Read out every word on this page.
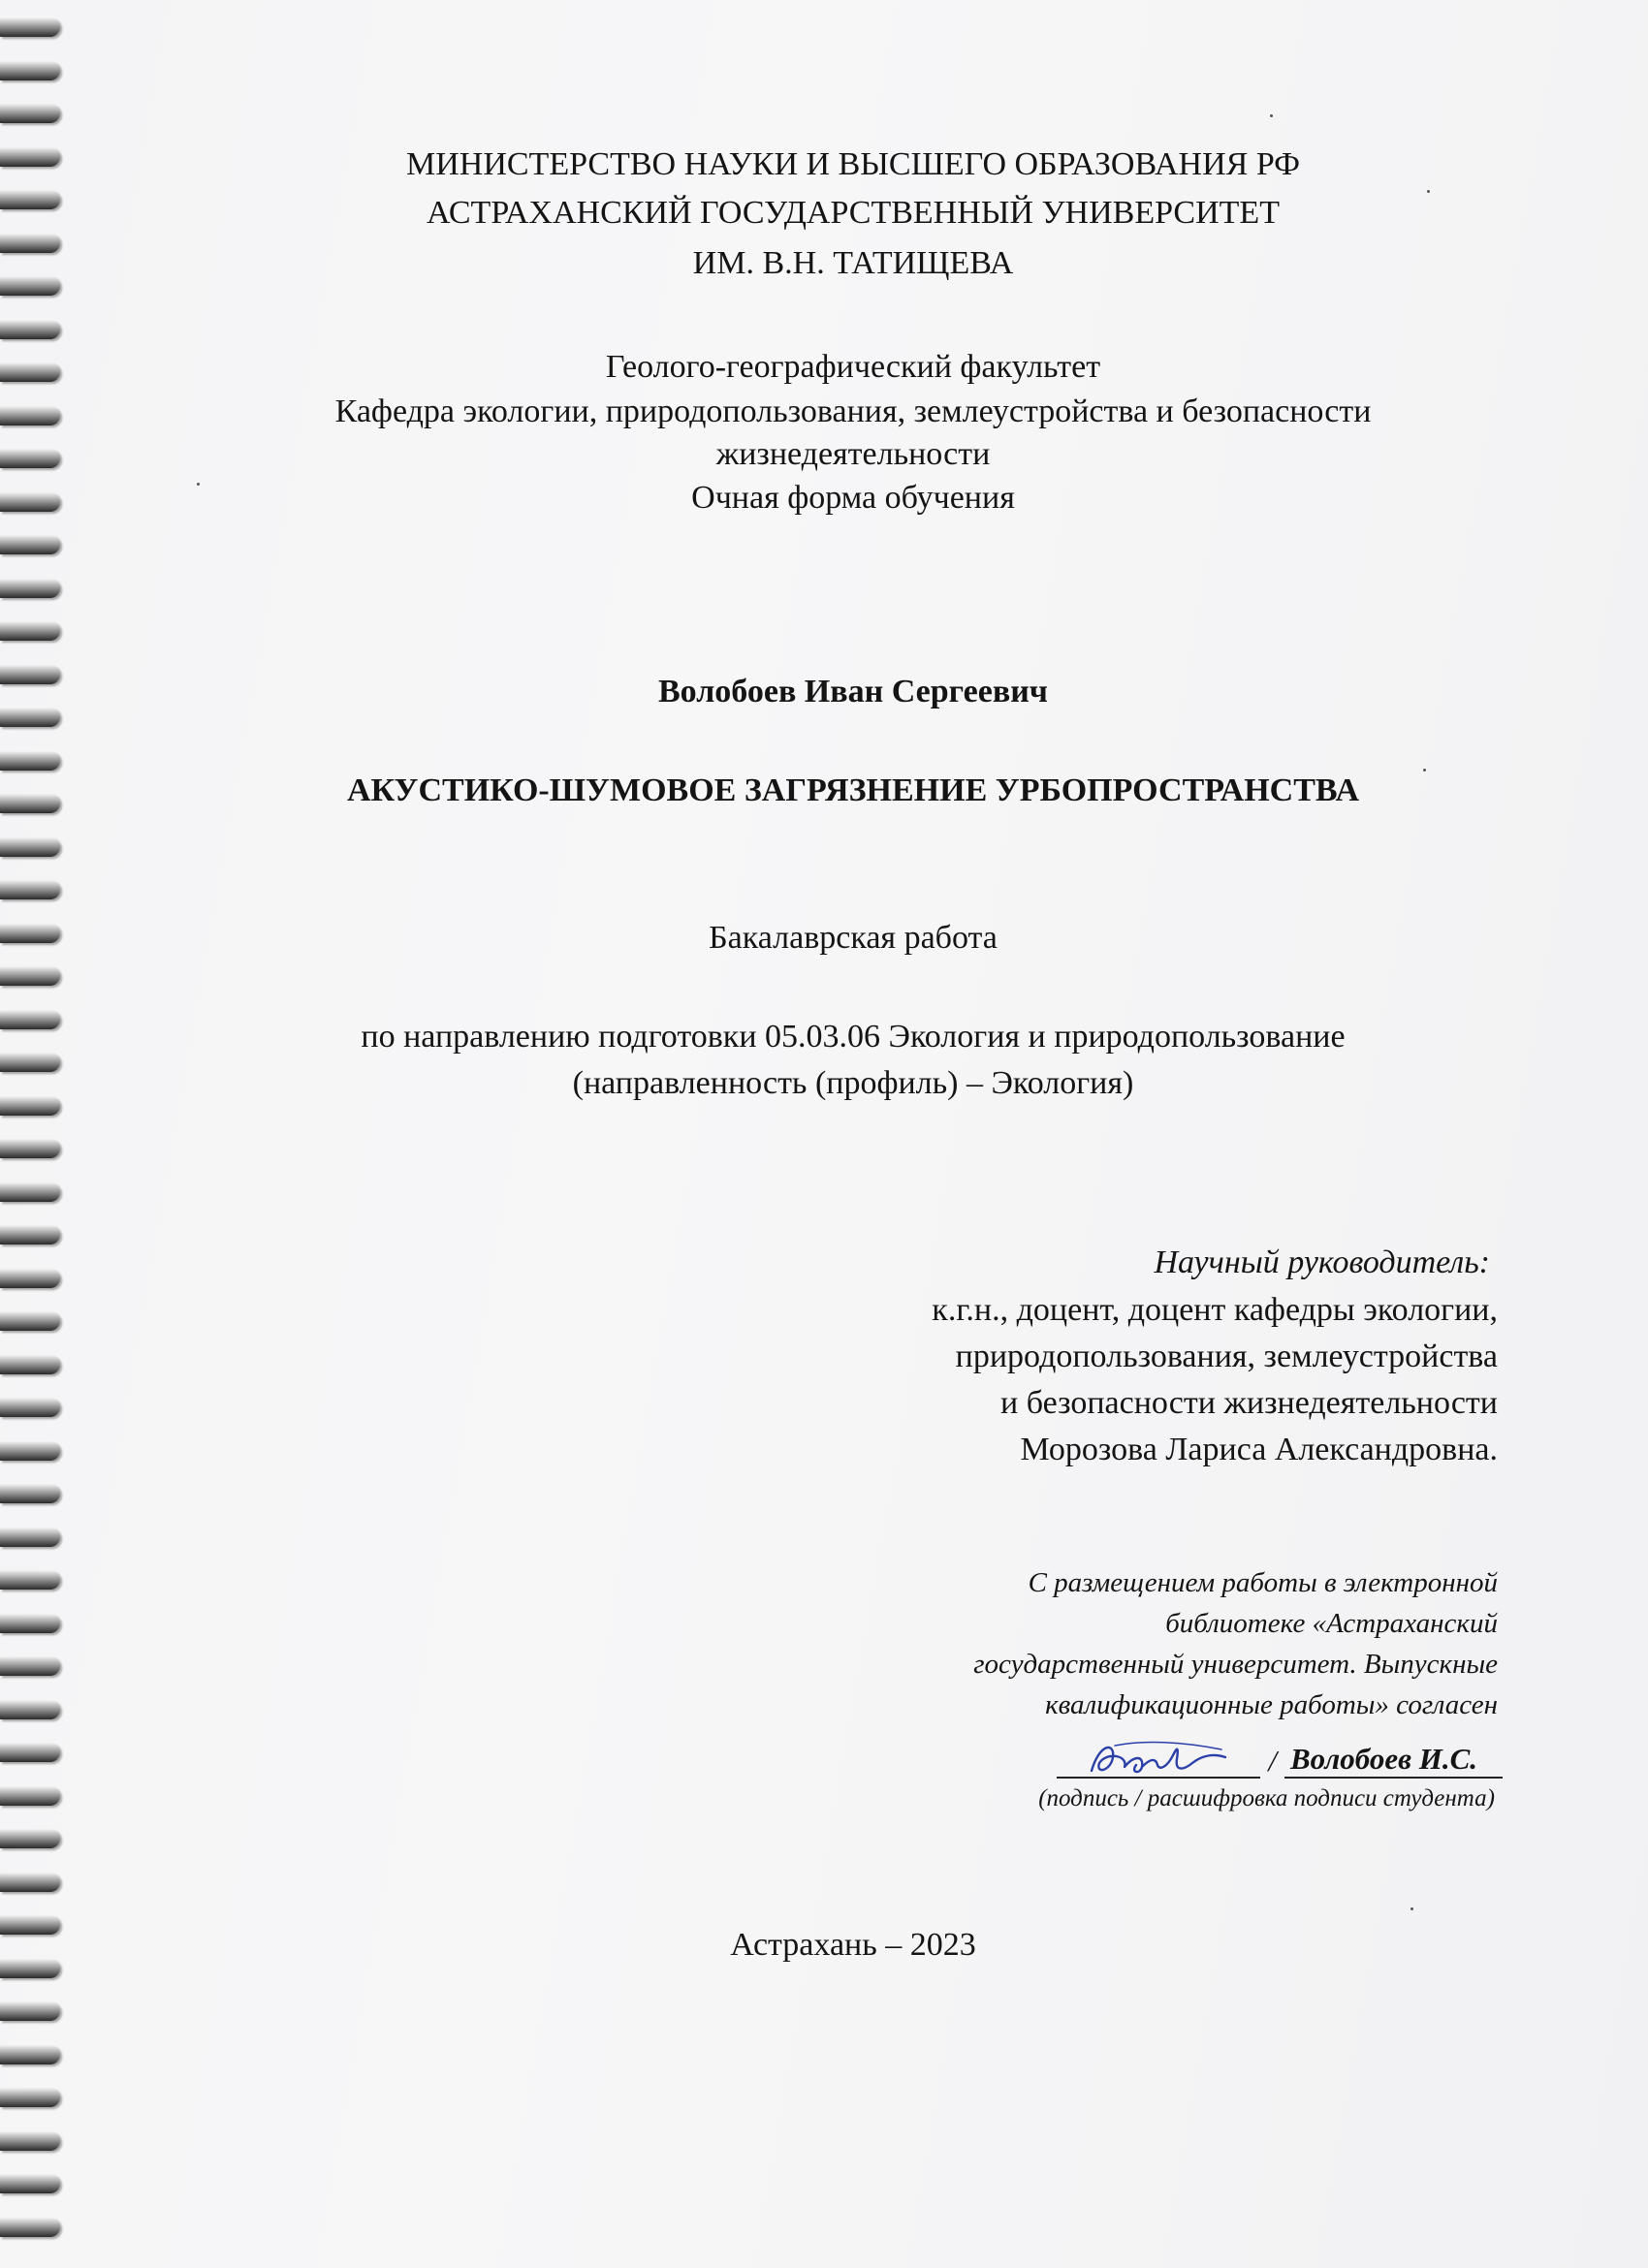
МИНИСТЕРСТВО НАУКИ И ВЫСШЕГО ОБРАЗОВАНИЯ РФ
АСТРАХАНСКИЙ ГОСУДАРСТВЕННЫЙ УНИВЕРСИТЕТ
ИМ. В.Н. ТАТИЩЕВА
Геолого-географический факультет
Кафедра экологии, природопользования, землеустройства и безопасности
жизнедеятельности
Очная форма обучения
Волобоев Иван Сергеевич
АКУСТИКО-ШУМОВОЕ ЗАГРЯЗНЕНИЕ УРБОПРОСТРАНСТВА
Бакалаврская работа
по направлению подготовки 05.03.06 Экология и природопользование
(направленность (профиль) – Экология)
Научный руководитель:
к.г.н., доцент, доцент кафедры экологии,
природопользования, землеустройства
и безопасности жизнедеятельности
Морозова Лариса Александровна.
С размещением работы в электронной
библиотеке «Астраханский
государственный университет. Выпускные
квалификационные работы» согласен
/ Волобоев И.С.
(подпись / расшифровка подписи студента)
Астрахань – 2023
